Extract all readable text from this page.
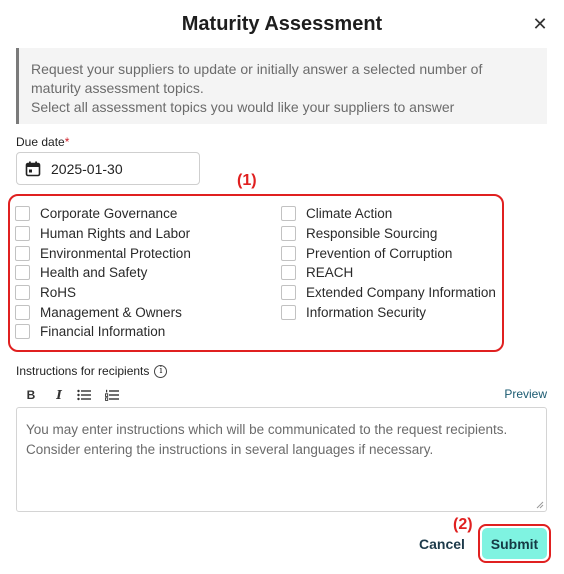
Maturity Assessment	✕

Request your suppliers to update or initially answer a selected number of maturity assessment topics.

Select all assessment topics you would like your suppliers to answer

Due date*
2025-01-30
(1)
Corporate Governance
Human Rights and Labor
Environmental Protection
Health and Safety
RoHS
Management & Owners
Financial Information
Climate Action
Responsible Sourcing
Prevention of Corruption
REACH
Extended Company Information
Information Security
Instructions for recipients	i
B	I	Preview
You may enter instructions which will be communicated to the request recipients. Consider entering the instructions in several languages if necessary.
Cancel
(2)
Submit
